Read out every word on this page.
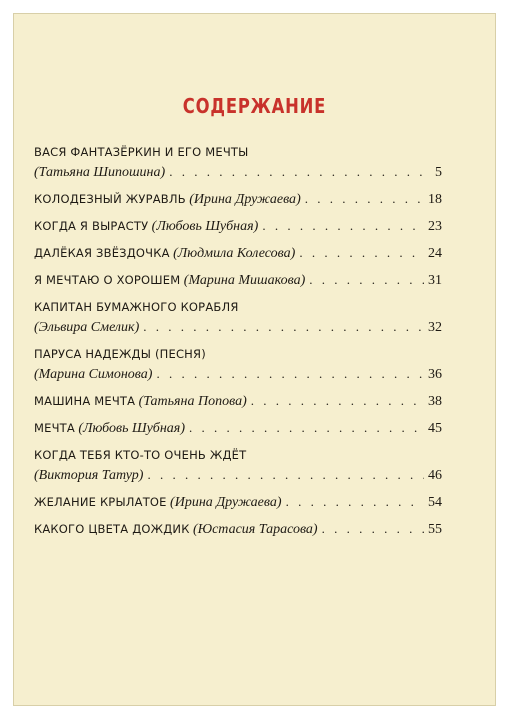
СОДЕРЖАНИЕ
ВАСЯ ФАНТАЗЁРКИН И ЕГО МЕЧТЫ
(Татьяна Шипошина) . . .	5
КОЛОДЕЗНЫЙ ЖУРАВЛЬ
(Ирина Дружаева) . . .	18
КОГДА Я ВЫРАСТУ
(Любовь Шубная) . . .	23
ДАЛЁКАЯ ЗВЁЗДОЧКА
(Людмила Колесова) . . .	24
Я МЕЧТАЮ О ХОРОШЕМ
(Марина Мишакова) . . .	31
КАПИТАН БУМАЖНОГО КОРАБЛЯ
(Эльвира Смелик) . . .	32
ПАРУСА НАДЕЖДЫ (ПЕСНЯ)
(Марина Симонова) . . .	36
МАШИНА МЕЧТА
(Татьяна Попова) . . .	38
МЕЧТА
(Любовь Шубная) . . .	45
КОГДА ТЕБЯ КТО-ТО ОЧЕНЬ ЖДЁТ
(Виктория Татур) . . .	46
ЖЕЛАНИЕ КРЫЛАТОЕ
(Ирина Дружаева) . . .	54
КАКОГО ЦВЕТА ДОЖДИК
(Юстасия Тарасова) . . .	55
